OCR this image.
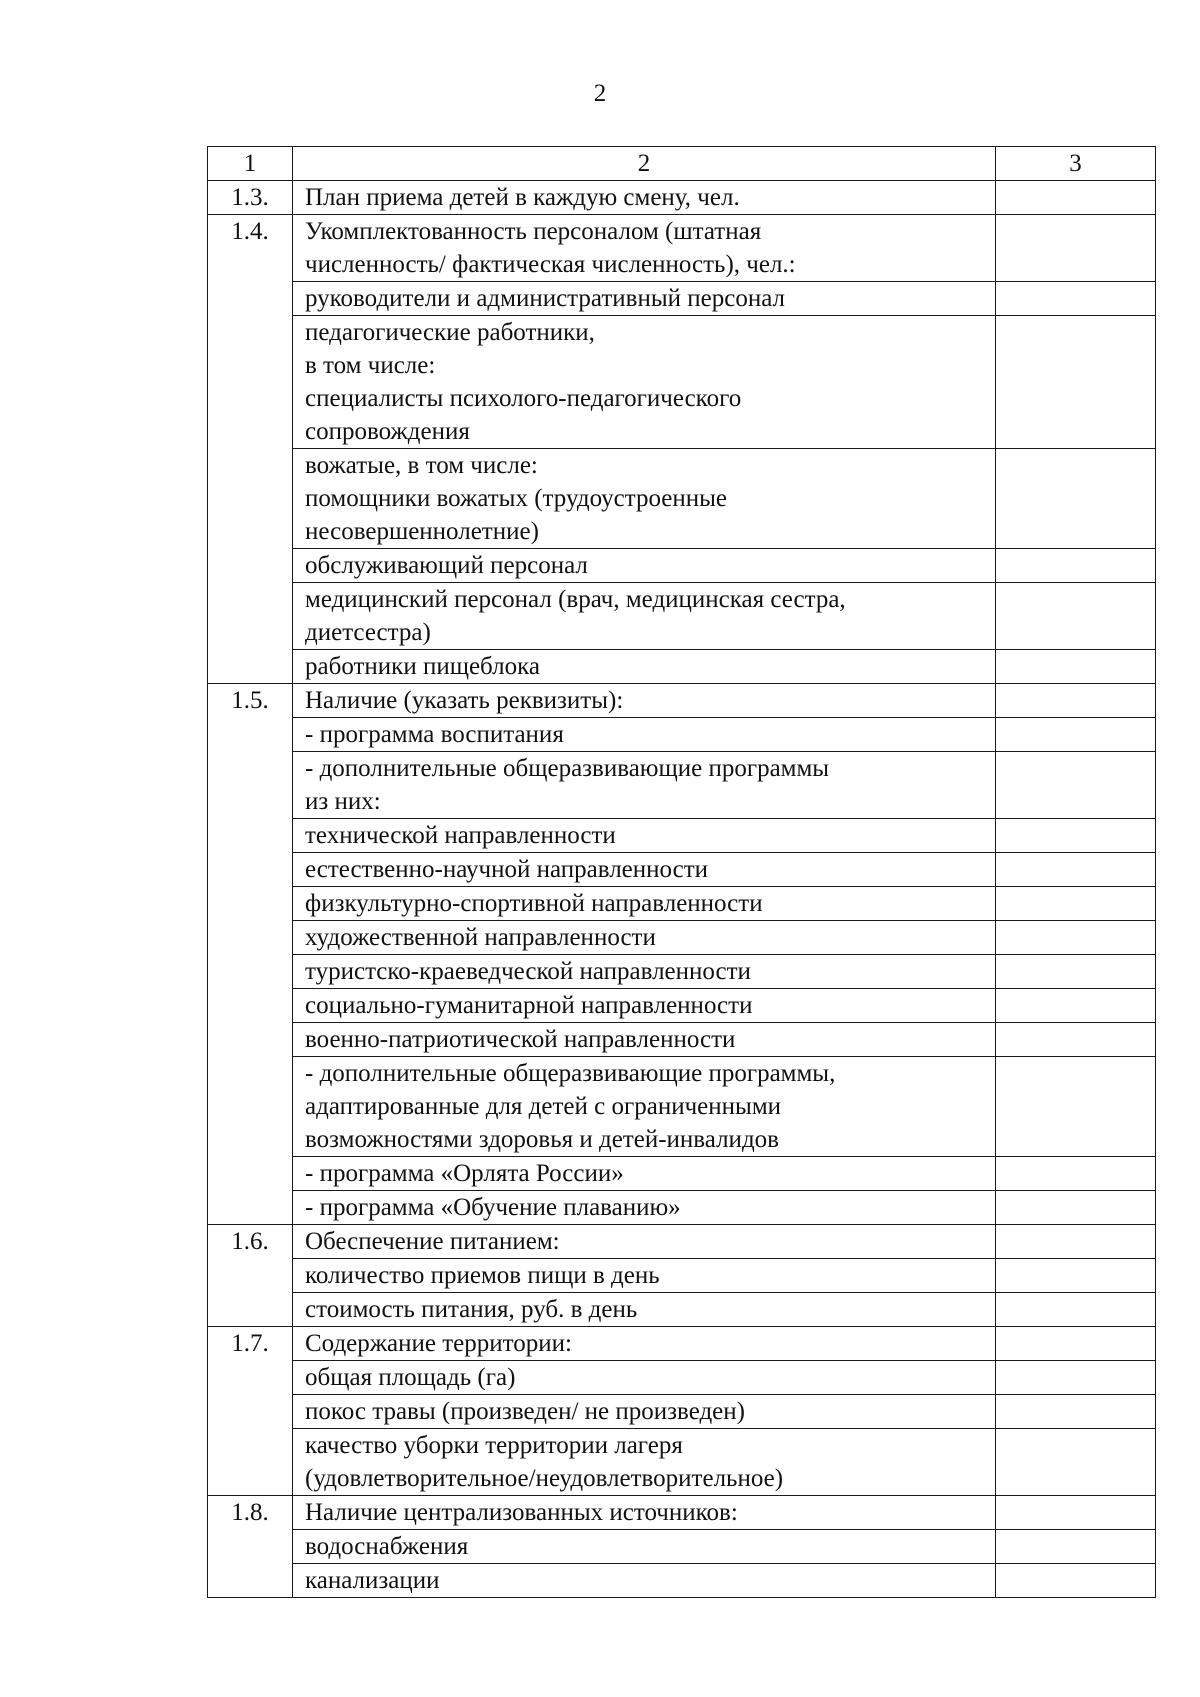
2
1	2	3
1.3.	План приема детей в каждую смену, чел.	
1.4.	Укомплектованность персоналом (штатная
численность/ фактическая численность), чел.:	
	руководители и административный персонал	
	педагогические работники,
в том числе:
специалисты психолого-педагогического
сопровождения	
	вожатые, в том числе:
помощники вожатых (трудоустроенные
несовершеннолетние)	
	обслуживающий персонал	
	медицинский персонал (врач, медицинская сестра,
диетсестра)	
	работники пищеблока	
1.5.	Наличие (указать реквизиты):	
	- программа воспитания	
	- дополнительные общеразвивающие программы
из них:	
	технической направленности	
	естественно-научной направленности	
	физкультурно-спортивной направленности	
	художественной направленности	
	туристско-краеведческой направленности	
	социально-гуманитарной направленности	
	военно-патриотической направленности	
	- дополнительные общеразвивающие программы,
адаптированные для детей с ограниченными
возможностями здоровья и детей-инвалидов	
	- программа «Орлята России»	
	- программа «Обучение плаванию»	
1.6.	Обеспечение питанием:	
	количество приемов пищи в день	
	стоимость питания, руб. в день	
1.7.	Содержание территории:	
	общая площадь (га)	
	покос травы (произведен/ не произведен)	
	качество уборки территории лагеря
(удовлетворительное/неудовлетворительное)	
1.8.	Наличие централизованных источников:	
	водоснабжения	
	канализации	
